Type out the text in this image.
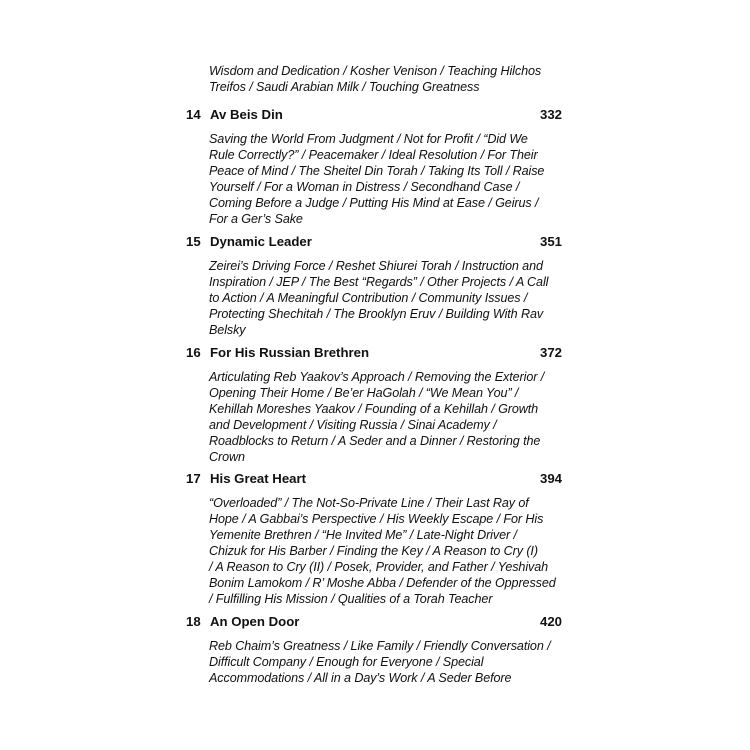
Wisdom and Dedication / Kosher Venison / Teaching Hilchos
Treifos / Saudi Arabian Milk / Touching Greatness
14 Av Beis Din	332
Saving the World From Judgment / Not for Profit / “Did We
Rule Correctly?” / Peacemaker / Ideal Resolution / For Their
Peace of Mind / The Sheitel Din Torah / Taking Its Toll / Raise
Yourself / For a Woman in Distress / Secondhand Case /
Coming Before a Judge / Putting His Mind at Ease / Geirus /
For a Ger’s Sake
15 Dynamic Leader	351
Zeirei’s Driving Force / Reshet Shiurei Torah / Instruction and
Inspiration / JEP / The Best “Regards” / Other Projects / A Call
to Action / A Meaningful Contribution / Community Issues /
Protecting Shechitah / The Brooklyn Eruv / Building With Rav
Belsky
16 For His Russian Brethren	372
Articulating Reb Yaakov’s Approach / Removing the Exterior /
Opening Their Home / Be’er HaGolah / “We Mean You” /
Kehillah Moreshes Yaakov / Founding of a Kehillah / Growth
and Development / Visiting Russia / Sinai Academy /
Roadblocks to Return / A Seder and a Dinner / Restoring the
Crown
17 His Great Heart	394
“Overloaded” / The Not-So-Private Line / Their Last Ray of
Hope / A Gabbai’s Perspective / His Weekly Escape / For His
Yemenite Brethren / “He Invited Me” / Late-Night Driver /
Chizuk for His Barber / Finding the Key / A Reason to Cry (I)
/ A Reason to Cry (II) / Posek, Provider, and Father / Yeshivah
Bonim Lamokom / R’ Moshe Abba / Defender of the Oppressed
/ Fulfilling His Mission / Qualities of a Torah Teacher
18 An Open Door	420
Reb Chaim’s Greatness / Like Family / Friendly Conversation /
Difficult Company / Enough for Everyone / Special
Accommodations / All in a Day’s Work / A Seder Before
